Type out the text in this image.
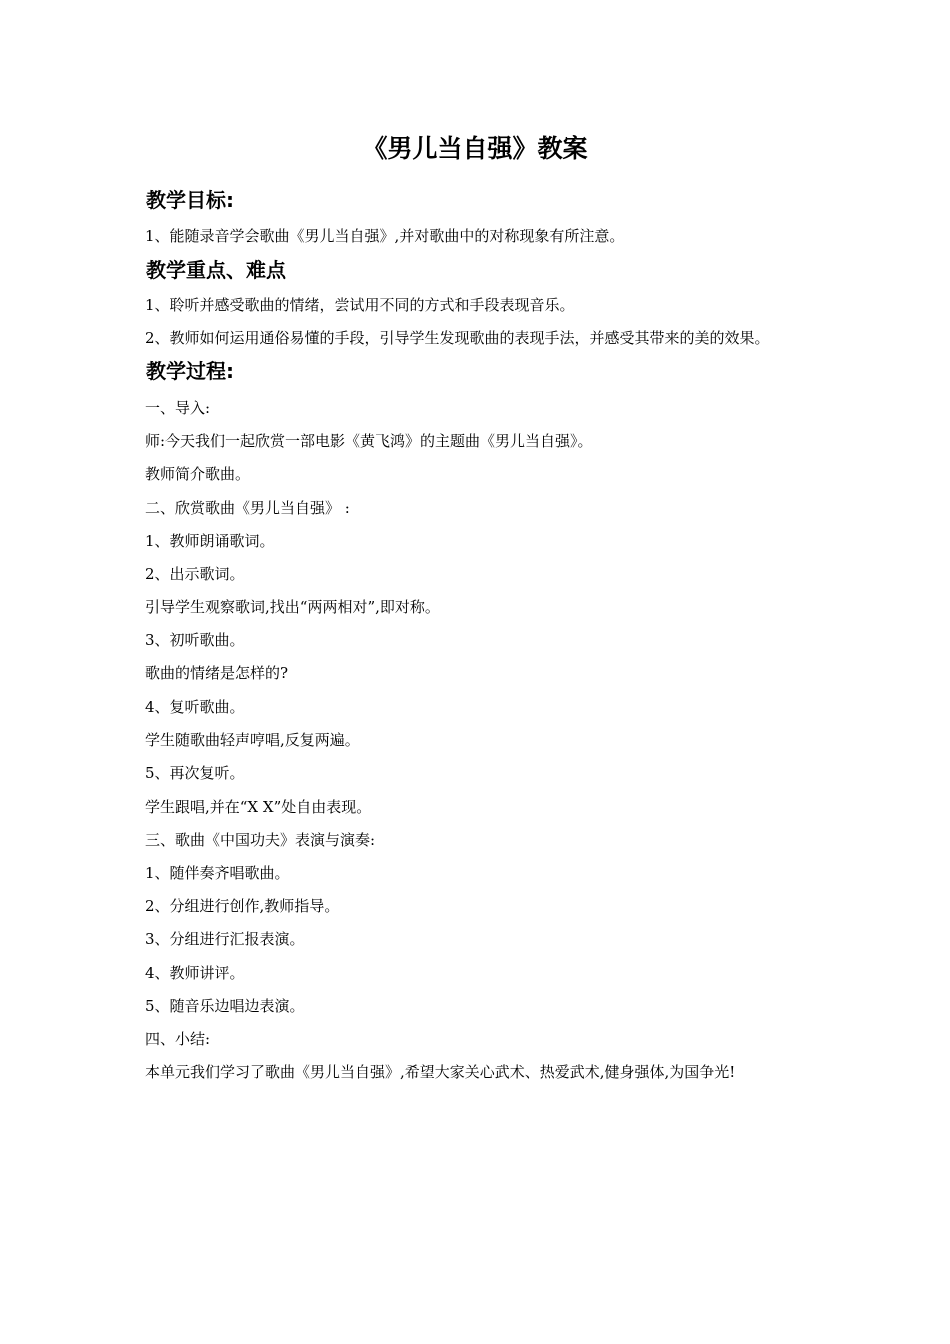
《男儿当自强》教案
教学目标:
1、能随录音学会歌曲《男儿当自强》,并对歌曲中的对称现象有所注意。
教学重点、难点
1、聆听并感受歌曲的情绪，尝试用不同的方式和手段表现音乐。
2、教师如何运用通俗易懂的手段，引导学生发现歌曲的表现手法，并感受其带来的美的效果。
教学过程:
一、导入:
师:今天我们一起欣赏一部电影《黄飞鸿》的主题曲《男儿当自强》。
教师简介歌曲。
二、欣赏歌曲《男儿当自强》 :
1、教师朗诵歌词。
2、出示歌词。
引导学生观察歌词,找出“两两相对”,即对称。
3、初听歌曲。
歌曲的情绪是怎样的?
4、复听歌曲。
学生随歌曲轻声哼唱,反复两遍。
5、再次复听。
学生跟唱,并在“X X”处自由表现。
三、歌曲《中国功夫》表演与演奏:
1、随伴奏齐唱歌曲。
2、分组进行创作,教师指导。
3、分组进行汇报表演。
4、教师讲评。
5、随音乐边唱边表演。
四、小结:
本单元我们学习了歌曲《男儿当自强》,希望大家关心武术、热爱武术,健身强体,为国争光!
